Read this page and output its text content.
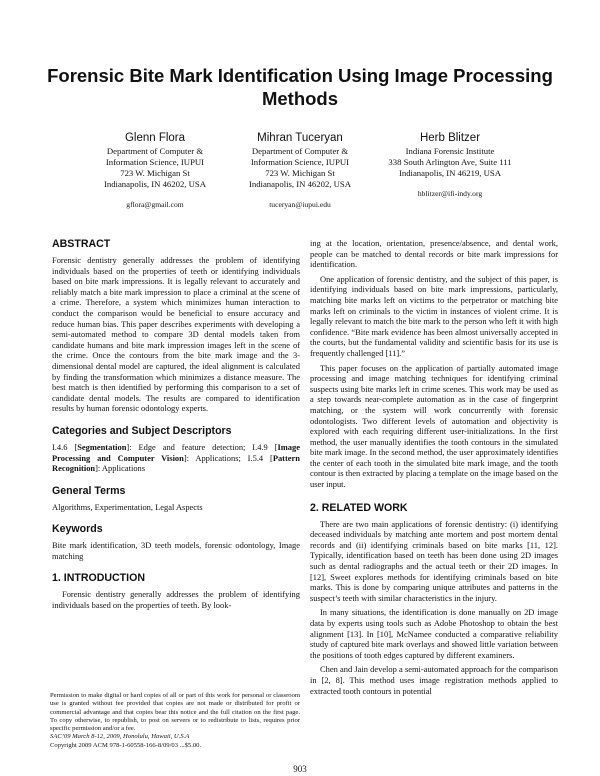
Forensic Bite Mark Identification Using Image Processing Methods
Glenn Flora
Department of Computer &
Information Science, IUPUI
723 W. Michigan St
Indianapolis, IN 46202, USA
gflora@gmail.com
Mihran Tuceryan
Department of Computer &
Information Science, IUPUI
723 W. Michigan St
Indianapolis, IN 46202, USA
tuceryan@iupui.edu
Herb Blitzer
Indiana Forensic Institute
338 South Arlington Ave, Suite 111
Indianapolis, IN 46219, USA
hblitzer@ifi-indy.org
ABSTRACT

Forensic dentistry generally addresses the problem of identifying individuals based on the properties of teeth or identifying individuals based on bite mark impressions. It is legally relevant to accurately and reliably match a bite mark impression to place a criminal at the scene of a crime. Therefore, a system which minimizes human interaction to conduct the comparison would be beneficial to ensure accuracy and reduce human bias. This paper describes experiments with developing a semi-automated method to compare 3D dental models taken from candidate humans and bite mark impression images left in the scene of the crime. Once the contours from the bite mark image and the 3-dimensional dental model are captured, the ideal alignment is calculated by finding the transformation which minimizes a distance measure. The best match is then identified by performing this comparison to a set of candidate dental models. The results are compared to identification results by human forensic odontology experts.

Categories and Subject Descriptors

I.4.6 [Segmentation]: Edge and feature detection; I.4.9 [Image Processing and Computer Vision]: Applications; I.5.4 [Pattern Recognition]: Applications

General Terms

Algorithms, Experimentation, Legal Aspects

Keywords

Bite mark identification, 3D teeth models, forensic odontology, Image matching

1. INTRODUCTION

Forensic dentistry generally addresses the problem of identifying individuals based on the properties of teeth. By look-

ing at the location, orientation, presence/absence, and dental work, people can be matched to dental records or bite mark impressions for identification.

One application of forensic dentistry, and the subject of this paper, is identifying individuals based on bite mark impressions, particularly, matching bite marks left on victims to the perpetrator or matching bite marks left on criminals to the victim in instances of violent crime. It is legally relevant to match the bite mark to the person who left it with high confidence. “Bite mark evidence has been almost universally accepted in the courts, but the fundamental validity and scientific basis for its use is frequently challenged [11].”

This paper focuses on the application of partially automated image processing and image matching techniques for identifying criminal suspects using bite marks left in crime scenes. This work may be used as a step towards near-complete automation as in the case of fingerprint matching, or the system will work concurrently with forensic odontologists. Two different levels of automation and objectivity is explored with each requiring different user-initializations. In the first method, the user manually identifies the tooth contours in the simulated bite mark image. In the second method, the user approximately identifies the center of each tooth in the simulated bite mark image, and the tooth contour is then extracted by placing a template on the image based on the user input.

2. RELATED WORK

There are two main applications of forensic dentistry: (i) identifying deceased individuals by matching ante mortem and post mortem dental records and (ii) identifying criminals based on bite marks [11, 12]. Typically, identification based on teeth has been done using 2D images such as dental radiographs and the actual teeth or their 2D images. In [12], Sweet explores methods for identifying criminals based on bite marks. This is done by comparing unique attributes and patterns in the suspect’s teeth with similar characteristics in the injury.

In many situations, the identification is done manually on 2D image data by experts using tools such as Adobe Photoshop to obtain the best alignment [13]. In [10], McNamee conducted a comparative reliability study of captured bite mark overlays and showed little variation between the positions of tooth edges captured by different examiners.

Chen and Jain develop a semi-automated approach for the comparison in [2, 8]. This method uses image registration methods applied to extracted tooth contours in potential

Permission to make digital or hard copies of all or part of this work for personal or classroom use is granted without fee provided that copies are not made or distributed for profit or commercial advantage and that copies bear this notice and the full citation on the first page. To copy otherwise, to republish, to post on servers or to redistribute to lists, requires prior specific permission and/or a fee.

SAC’09 March 8-12, 2009, Honolulu, Hawaii, U.S.A

Copyright 2009 ACM 978-1-60558-166-8/09/03 ...$5.00.

903
